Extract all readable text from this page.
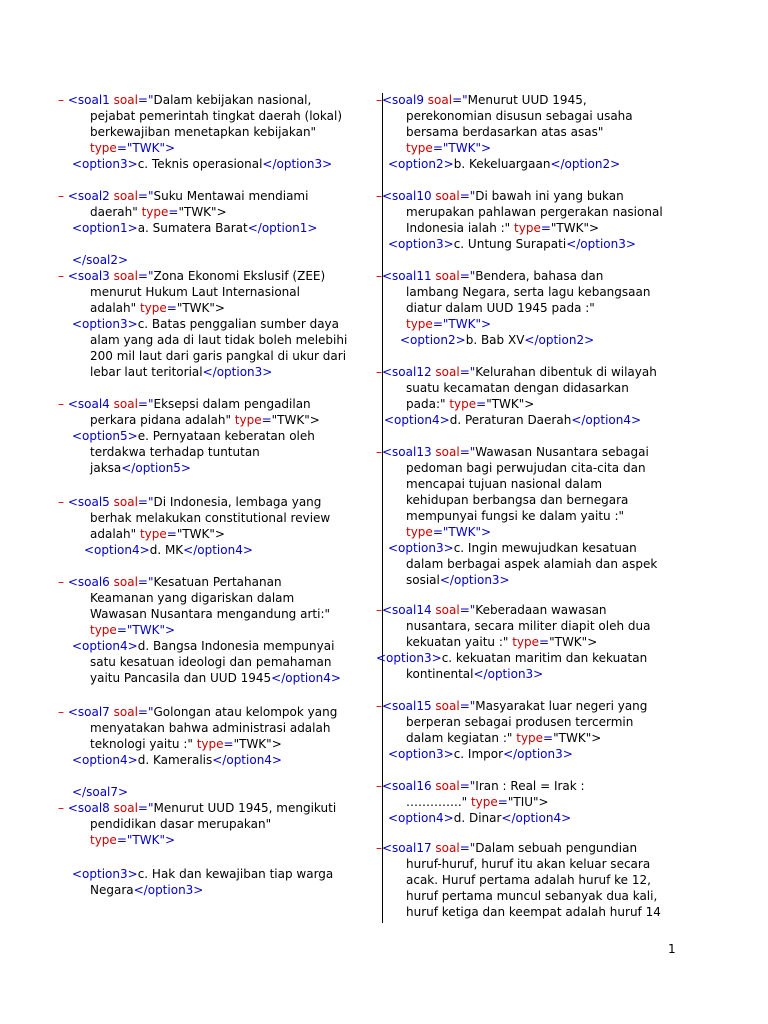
– <soal1 soal="Dalam kebijakan nasional,
pejabat pemerintah tingkat daerah (lokal)
berkewajiban menetapkan kebijakan"
type="TWK">
<option3>c. Teknis operasional</option3>
– <soal2 soal="Suku Mentawai mendiami
daerah" type="TWK">
<option1>a. Sumatera Barat</option1>
</soal2>
– <soal3 soal="Zona Ekonomi Ekslusif (ZEE)
menurut Hukum Laut Internasional
adalah" type="TWK">
<option3>c. Batas penggalian sumber daya
alam yang ada di laut tidak boleh melebihi
200 mil laut dari garis pangkal di ukur dari
lebar laut teritorial</option3>
– <soal4 soal="Eksepsi dalam pengadilan
perkara pidana adalah" type="TWK">
<option5>e. Pernyataan keberatan oleh
terdakwa terhadap tuntutan
jaksa</option5>
– <soal5 soal="Di Indonesia, lembaga yang
berhak melakukan constitutional review
adalah" type="TWK">
<option4>d. MK</option4>
– <soal6 soal="Kesatuan Pertahanan
Keamanan yang digariskan dalam
Wawasan Nusantara mengandung arti:"
type="TWK">
<option4>d. Bangsa Indonesia mempunyai
satu kesatuan ideologi dan pemahaman
yaitu Pancasila dan UUD 1945</option4>
– <soal7 soal="Golongan atau kelompok yang
menyatakan bahwa administrasi adalah
teknologi yaitu :" type="TWK">
<option4>d. Kameralis</option4>
</soal7>
– <soal8 soal="Menurut UUD 1945, mengikuti
pendidikan dasar merupakan"
type="TWK">
<option3>c. Hak dan kewajiban tiap warga
Negara</option3>
–<soal9 soal="Menurut UUD 1945,
perekonomian disusun sebagai usaha
bersama berdasarkan atas asas"
type="TWK">
<option2>b. Kekeluargaan</option2>
–<soal10 soal="Di bawah ini yang bukan
merupakan pahlawan pergerakan nasional
Indonesia ialah :" type="TWK">
<option3>c. Untung Surapati</option3>
–<soal11 soal="Bendera, bahasa dan
lambang Negara, serta lagu kebangsaan
diatur dalam UUD 1945 pada :"
type="TWK">
<option2>b. Bab XV</option2>
–<soal12 soal="Kelurahan dibentuk di wilayah
suatu kecamatan dengan didasarkan
pada:" type="TWK">
<option4>d. Peraturan Daerah</option4>
–<soal13 soal="Wawasan Nusantara sebagai
pedoman bagi perwujudan cita-cita dan
mencapai tujuan nasional dalam
kehidupan berbangsa dan bernegara
mempunyai fungsi ke dalam yaitu :"
type="TWK">
<option3>c. Ingin mewujudkan kesatuan
dalam berbagai aspek alamiah dan aspek
sosial</option3>
–<soal14 soal="Keberadaan wawasan
nusantara, secara militer diapit oleh dua
kekuatan yaitu :" type="TWK">
<option3>c. kekuatan maritim dan kekuatan
kontinental</option3>
–<soal15 soal="Masyarakat luar negeri yang
berperan sebagai produsen tercermin
dalam kegiatan :" type="TWK">
<option3>c. Impor</option3>
–<soal16 soal="Iran : Real = Irak :
………….." type="TIU">
<option4>d. Dinar</option4>
–<soal17 soal="Dalam sebuah pengundian
huruf-huruf, huruf itu akan keluar secara
acak. Huruf pertama adalah huruf ke 12,
huruf pertama muncul sebanyak dua kali,
huruf ketiga dan keempat adalah huruf 14
1
